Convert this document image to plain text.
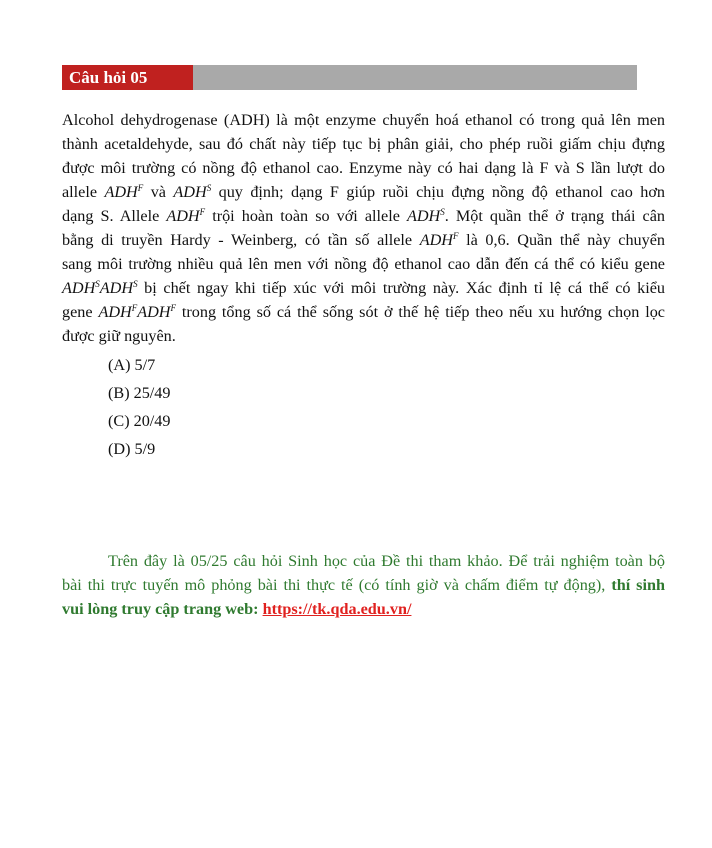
Câu hỏi 05
Alcohol dehydrogenase (ADH) là một enzyme chuyển hoá ethanol có trong quả lên men
thành acetaldehyde, sau đó chất này tiếp tục bị phân giải, cho phép ruồi giấm chịu đựng
được môi trường có nồng độ ethanol cao. Enzyme này có hai dạng là F và S lần lượt do
allele $ADH^F$ và $ADH^S$ quy định; dạng F giúp ruồi chịu đựng nồng độ ethanol cao hơn
dạng S. Allele $ADH^F$ trội hoàn toàn so với allele $ADH^S$. Một quần thể ở trạng thái cân
bằng di truyền Hardy - Weinberg, có tần số allele $ADH^F$ là 0,6. Quần thể này chuyển
sang môi trường nhiều quả lên men với nồng độ ethanol cao dẫn đến cá thể có kiểu gene
$ADH^SADH^S$ bị chết ngay khi tiếp xúc với môi trường này. Xác định tỉ lệ cá thể có kiểu
gene $ADH^FADH^F$ trong tổng số cá thể sống sót ở thế hệ tiếp theo nếu xu hướng chọn lọc
được giữ nguyên.
(A) 5/7
(B) 25/49
(C) 20/49
(D) 5/9
Trên đây là 05/25 câu hỏi Sinh học của Đề thi tham khảo. Để trải nghiệm toàn bộ
bài thi trực tuyến mô phỏng bài thi thực tế (có tính giờ và chấm điểm tự động), thí sinh
vui lòng truy cập trang web: https://tk.qda.edu.vn/
